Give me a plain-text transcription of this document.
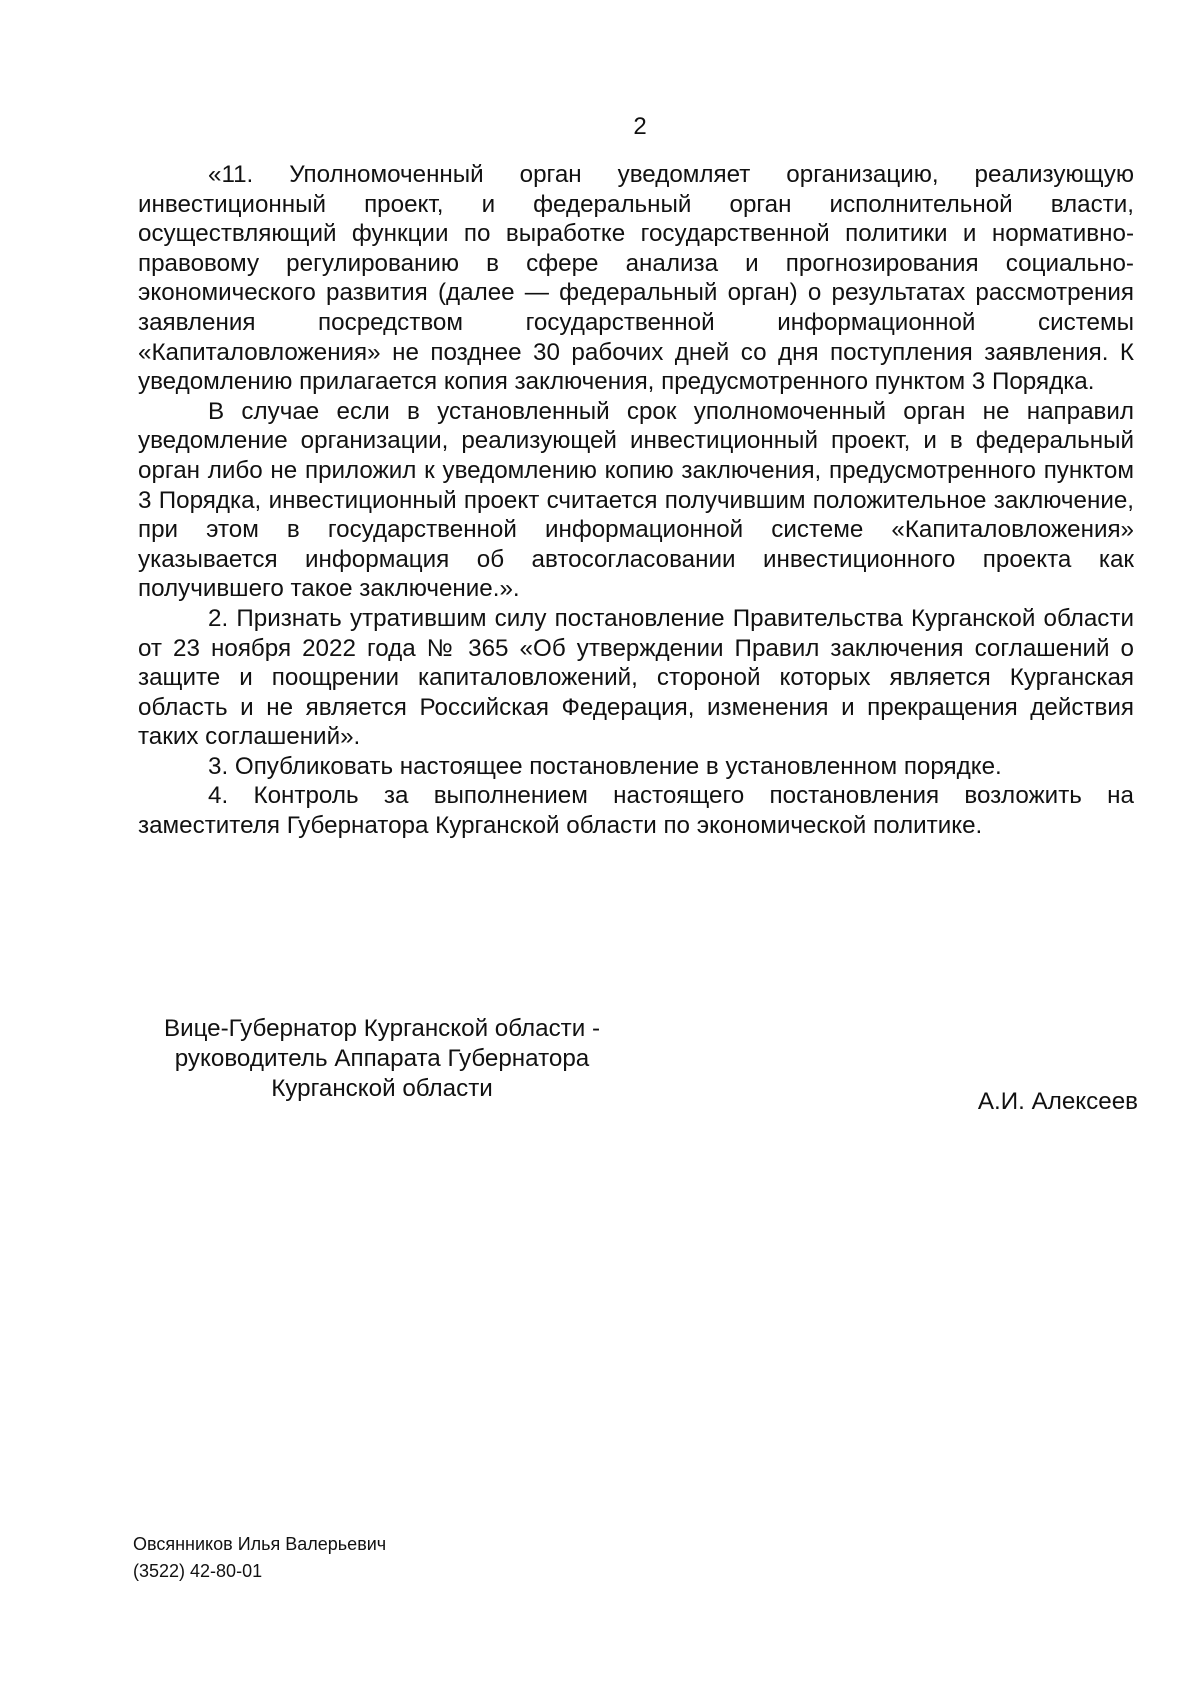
2

«11. Уполномоченный орган уведомляет организацию, реализующую инвестиционный проект, и федеральный орган исполнительной власти, осуществляющий функции по выработке государственной политики и нормативно-правовому регулированию в сфере анализа и прогнозирования социально-экономического развития (далее — федеральный орган) о результатах рассмотрения заявления посредством государственной информационной системы «Капиталовложения» не позднее 30 рабочих дней со дня поступления заявления. К уведомлению прилагается копия заключения, предусмотренного пунктом 3 Порядка.

В случае если в установленный срок уполномоченный орган не направил уведомление организации, реализующей инвестиционный проект, и в федеральный орган либо не приложил к уведомлению копию заключения, предусмотренного пунктом 3 Порядка, инвестиционный проект считается получившим положительное заключение, при этом в государственной информационной системе «Капиталовложения» указывается информация об автосогласовании инвестиционного проекта как получившего такое заключение.».

2. Признать утратившим силу постановление Правительства Курганской области от 23 ноября 2022 года № 365 «Об утверждении Правил заключения соглашений о защите и поощрении капиталовложений, стороной которых является Курганская область и не является Российская Федерация, изменения и прекращения действия таких соглашений».

3. Опубликовать настоящее постановление в установленном порядке.

4. Контроль за выполнением настоящего постановления возложить на заместителя Губернатора Курганской области по экономической политике.

Вице-Губернатор Курганской области -
руководитель Аппарата Губернатора
Курганской области	А.И. Алексеев
Овсянников Илья Валерьевич
(3522) 42-80-01
